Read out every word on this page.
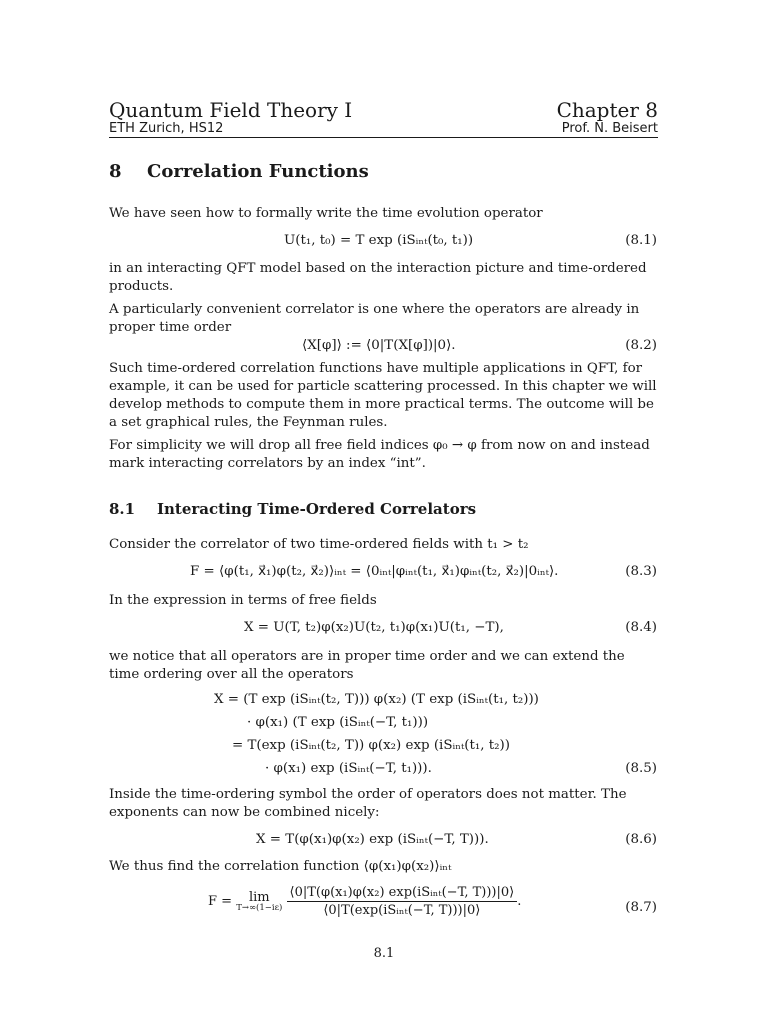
Quantum Field Theory I	Chapter 8
ETH Zurich, HS12	Prof. N. Beisert
8 Correlation Functions
We have seen how to formally write the time evolution operator
U(t₁, t₀) = T exp (iSᵢₙₜ(t₀, t₁))	(8.1)
in an interacting QFT model based on the interaction picture and time-ordered products.
A particularly convenient correlator is one where the operators are already in proper time order
⟨X[φ]⟩ := ⟨0|T(X[φ])|0⟩.	(8.2)
Such time-ordered correlation functions have multiple applications in QFT, for example, it can be used for particle scattering processed. In this chapter we will develop methods to compute them in more practical terms. The outcome will be a set graphical rules, the Feynman rules.
For simplicity we will drop all free field indices φ₀ → φ from now on and instead mark interacting correlators by an index “int”.
8.1 Interacting Time-Ordered Correlators
Consider the correlator of two time-ordered fields with t₁ > t₂
F = ⟨φ(t₁, x⃗₁)φ(t₂, x⃗₂)⟩ᵢₙₜ = ⟨0ᵢₙₜ|φᵢₙₜ(t₁, x⃗₁)φᵢₙₜ(t₂, x⃗₂)|0ᵢₙₜ⟩.	(8.3)
In the expression in terms of free fields
X = U(T, t₂)φ(x₂)U(t₂, t₁)φ(x₁)U(t₁, −T),	(8.4)
we notice that all operators are in proper time order and we can extend the time ordering over all the operators
X = (T exp (iSᵢₙₜ(t₂, T))) φ(x₂) (T exp (iSᵢₙₜ(t₁, t₂)))
· φ(x₁) (T exp (iSᵢₙₜ(−T, t₁)))
= T(exp (iSᵢₙₜ(t₂, T)) φ(x₂) exp (iSᵢₙₜ(t₁, t₂))
· φ(x₁) exp (iSᵢₙₜ(−T, t₁))).	(8.5)
Inside the time-ordering symbol the order of operators does not matter. The exponents can now be combined nicely:
X = T(φ(x₁)φ(x₂) exp (iSᵢₙₜ(−T, T))).	(8.6)
We thus find the correlation function ⟨φ(x₁)φ(x₂)⟩ᵢₙₜ
F =	lim
T→∞(1−iε)
$\frac{\text{⟨0|T(φ(x₁)φ(x₂) exp(iSᵢₙₜ(−T, T)))|0⟩}}{\text{⟨0|T(exp(iSᵢₙₜ(−T, T)))|0⟩}}$ .	(8.7)
8.1
